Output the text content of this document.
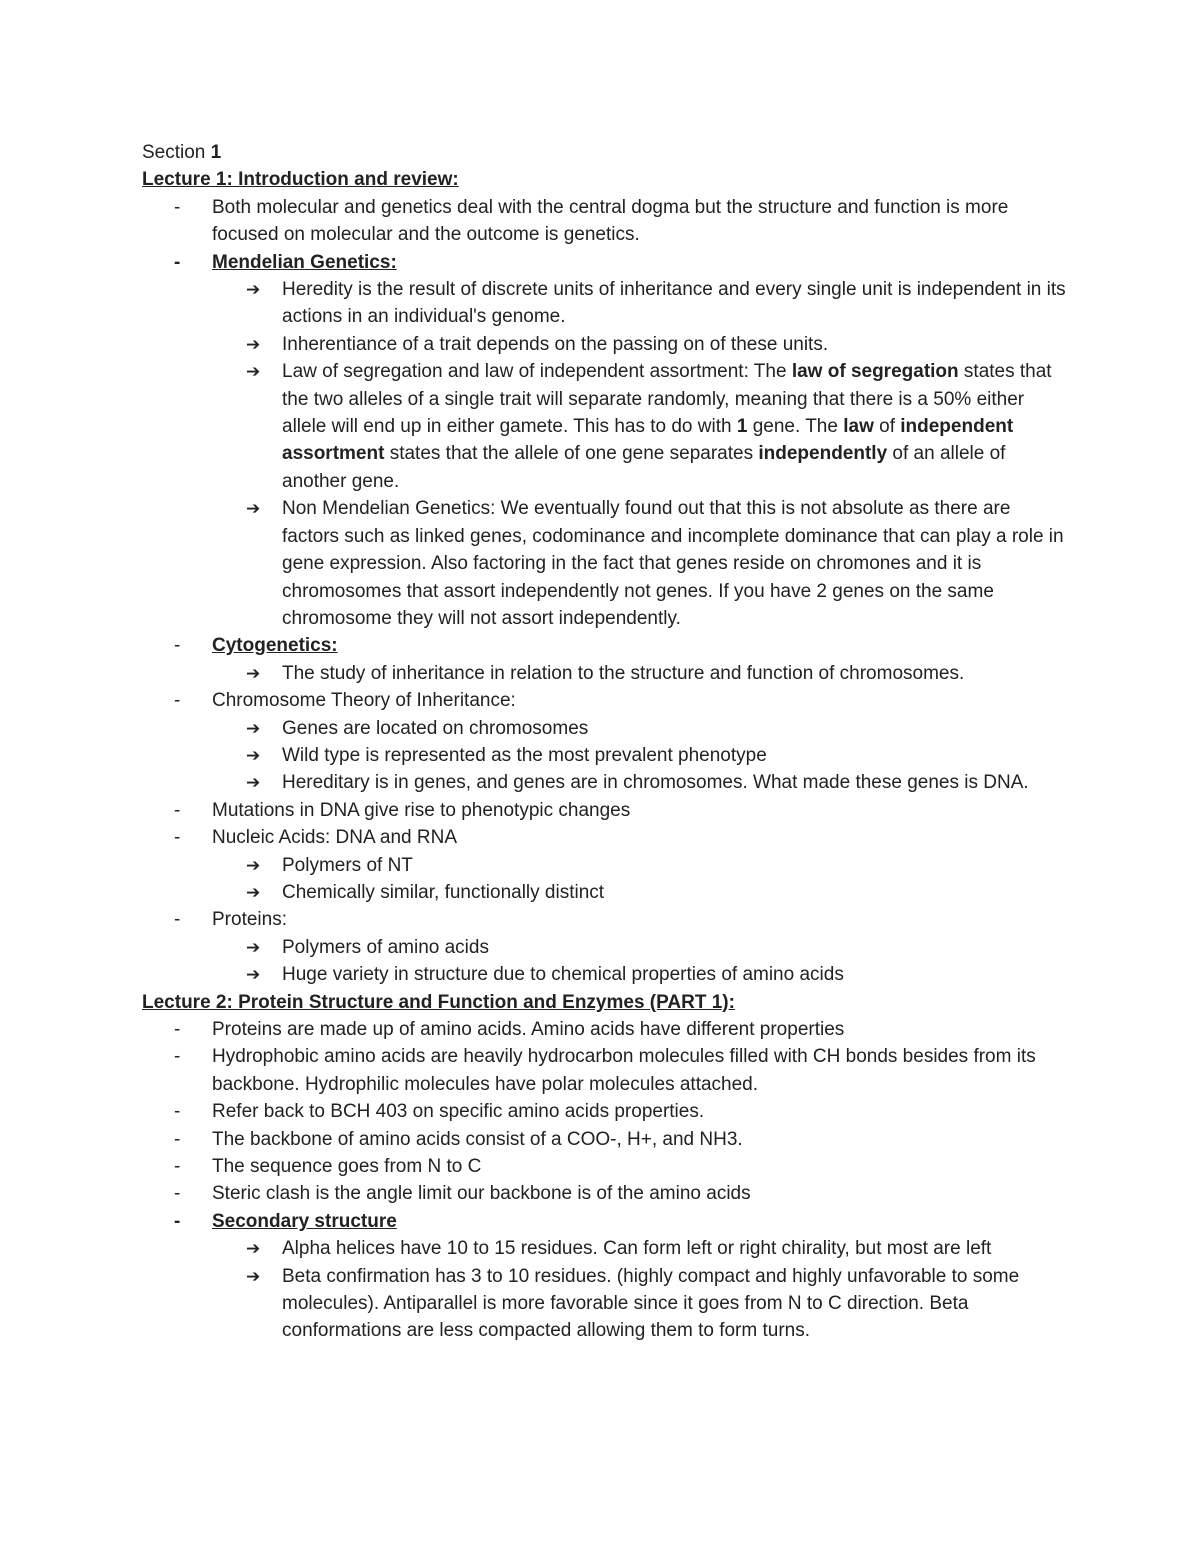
Section 1
Lecture 1: Introduction and review:
- Both molecular and genetics deal with the central dogma but the structure and function is more focused on molecular and the outcome is genetics.
- Mendelian Genetics:
➔ Heredity is the result of discrete units of inheritance and every single unit is independent in its actions in an individual's genome.
➔ Inherentiance of a trait depends on the passing on of these units.
➔ Law of segregation and law of independent assortment: The law of segregation states that the two alleles of a single trait will separate randomly, meaning that there is a 50% either allele will end up in either gamete. This has to do with 1 gene. The law of independent assortment states that the allele of one gene separates independently of an allele of another gene.
➔ Non Mendelian Genetics: We eventually found out that this is not absolute as there are factors such as linked genes, codominance and incomplete dominance that can play a role in gene expression. Also factoring in the fact that genes reside on chromones and it is chromosomes that assort independently not genes. If you have 2 genes on the same chromosome they will not assort independently.
- Cytogenetics:
➔ The study of inheritance in relation to the structure and function of chromosomes.
- Chromosome Theory of Inheritance:
➔ Genes are located on chromosomes
➔ Wild type is represented as the most prevalent phenotype
➔ Hereditary is in genes, and genes are in chromosomes. What made these genes is DNA.
- Mutations in DNA give rise to phenotypic changes
- Nucleic Acids: DNA and RNA
➔ Polymers of NT
➔ Chemically similar, functionally distinct
- Proteins:
➔ Polymers of amino acids
➔ Huge variety in structure due to chemical properties of amino acids
Lecture 2: Protein Structure and Function and Enzymes (PART 1):
- Proteins are made up of amino acids. Amino acids have different properties
- Hydrophobic amino acids are heavily hydrocarbon molecules filled with CH bonds besides from its backbone. Hydrophilic molecules have polar molecules attached.
- Refer back to BCH 403 on specific amino acids properties.
- The backbone of amino acids consist of a COO-, H+, and NH3.
- The sequence goes from N to C
- Steric clash is the angle limit our backbone is of the amino acids
- Secondary structure
➔ Alpha helices have 10 to 15 residues. Can form left or right chirality, but most are left
➔ Beta confirmation has 3 to 10 residues. (highly compact and highly unfavorable to some molecules). Antiparallel is more favorable since it goes from N to C direction. Beta conformations are less compacted allowing them to form turns.
